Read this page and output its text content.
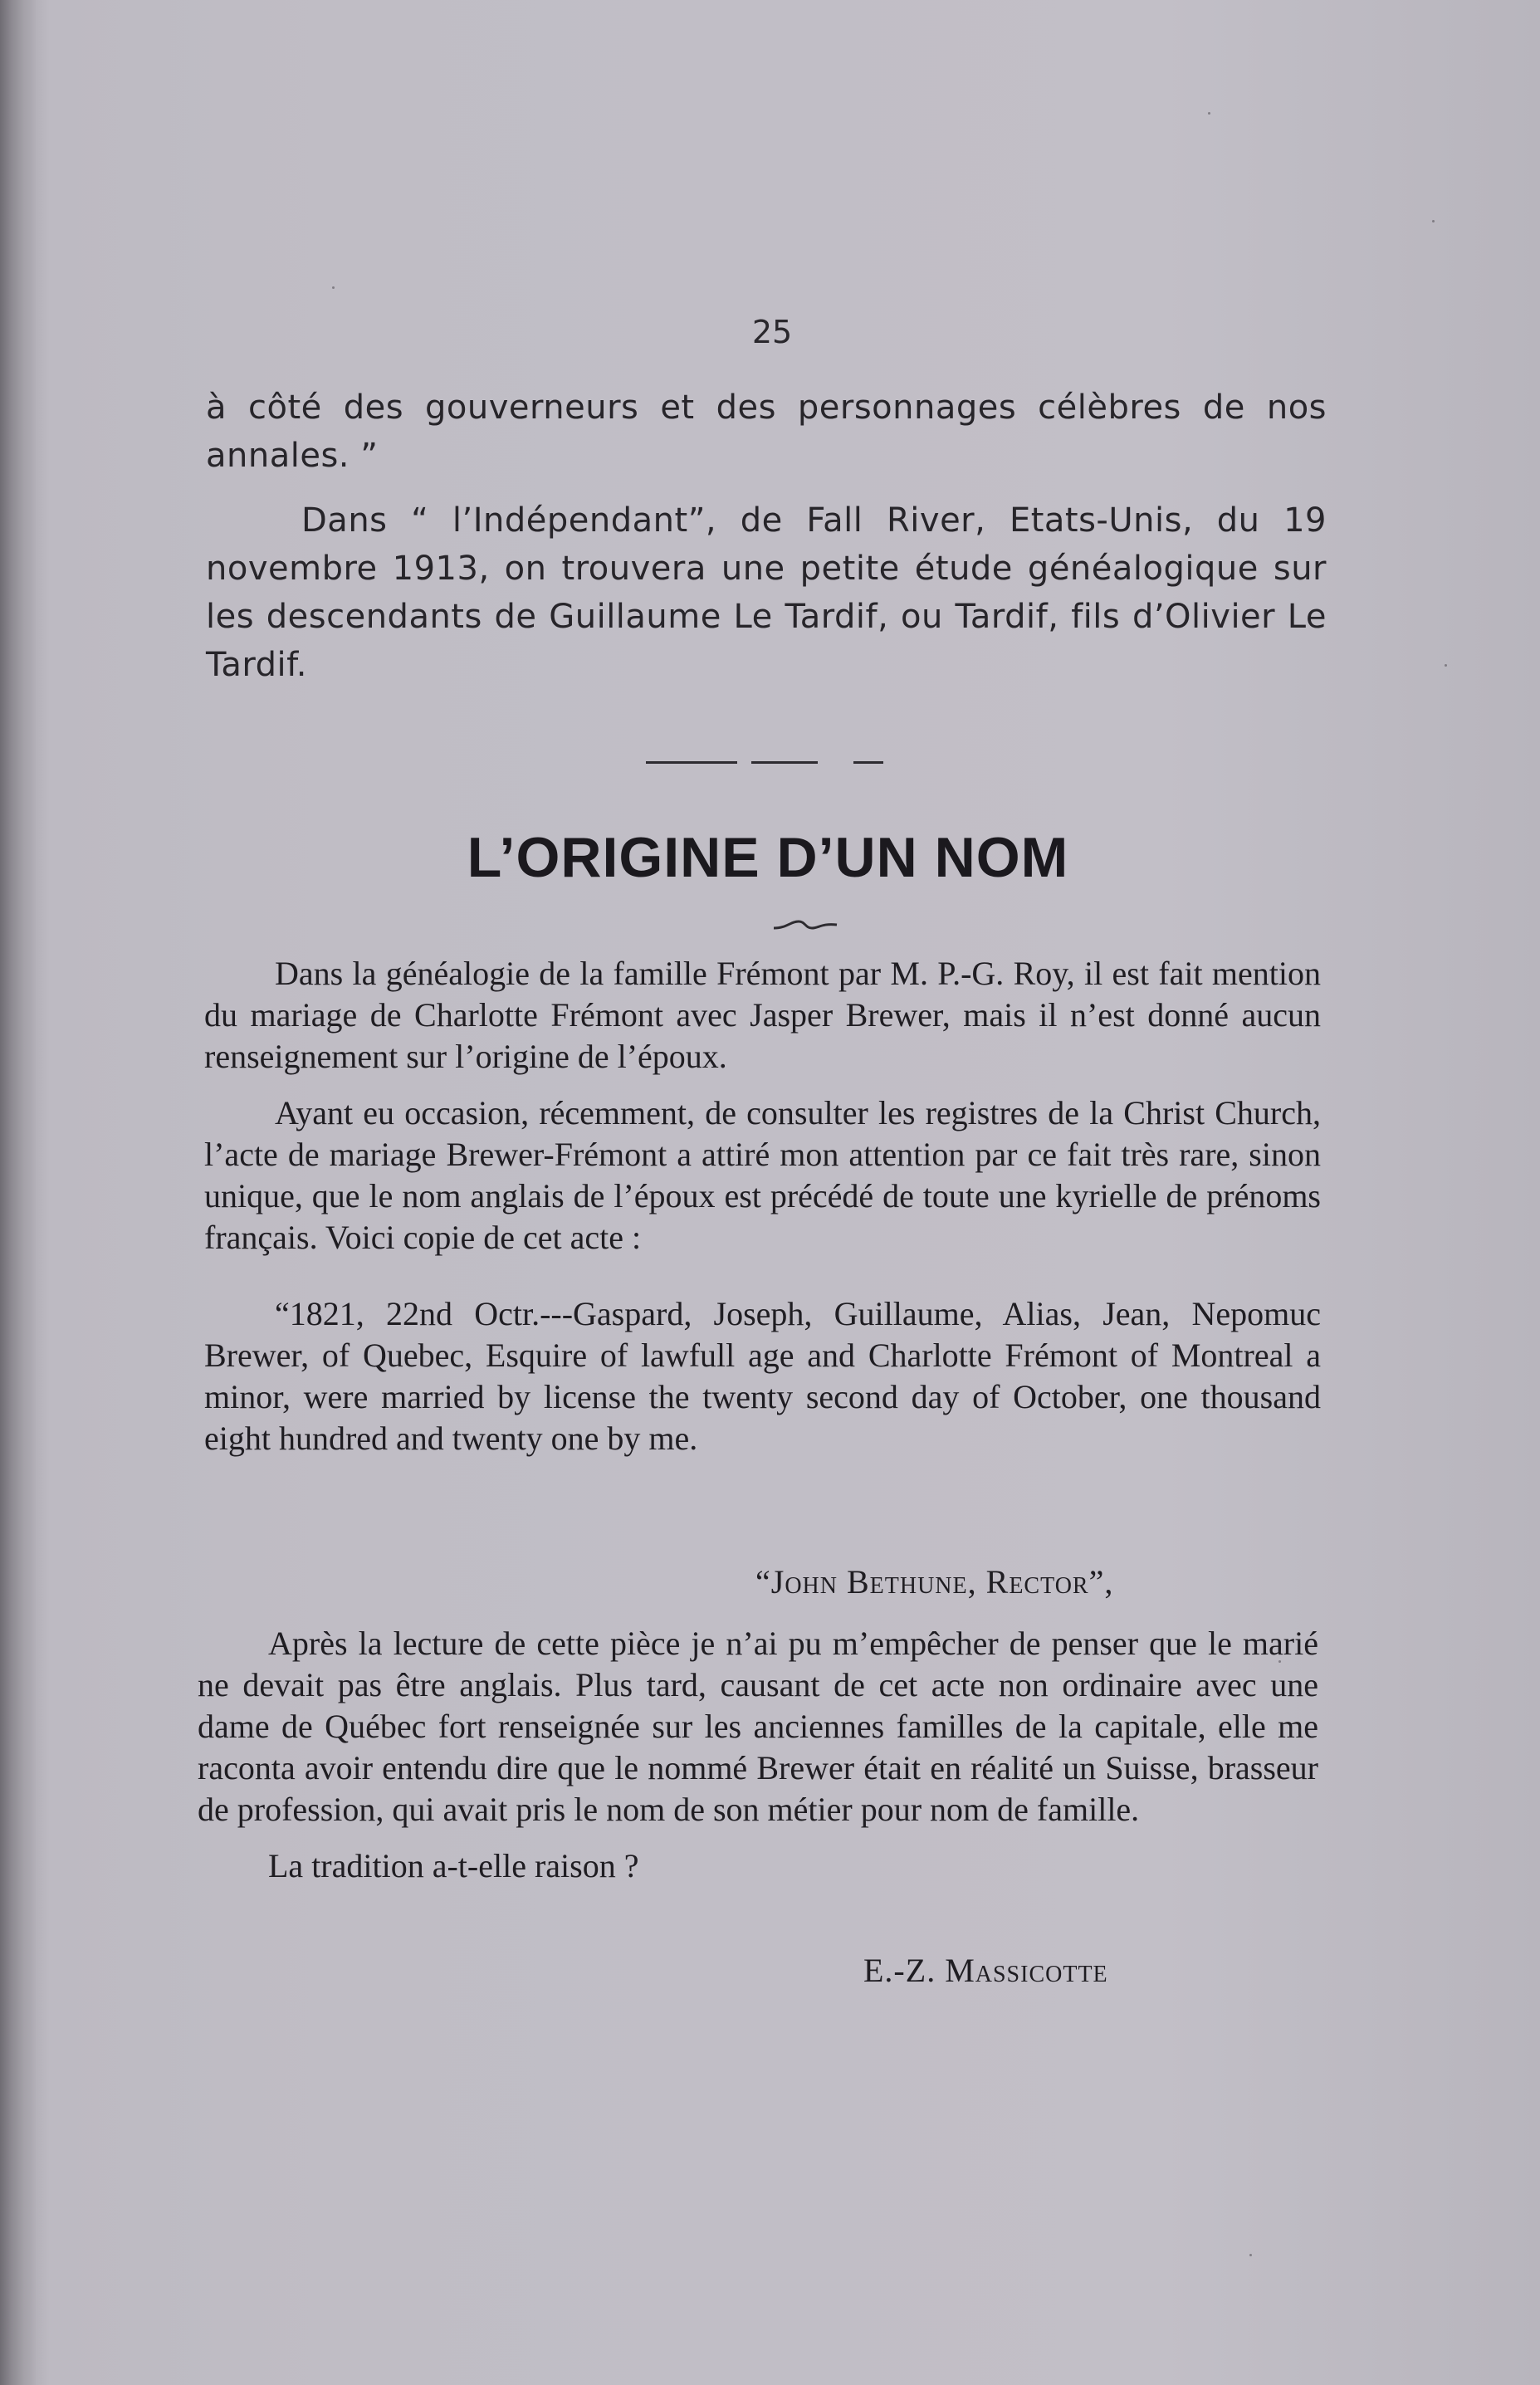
25

à côté des gouverneurs et des personnages célèbres de nos annales. ”

Dans “ l’Indépendant”, de Fall River, Etats-Unis, du 19 novembre 1913, on trouvera une petite étude généalogique sur les descendants de Guillaume Le Tardif, ou Tardif, fils d’Olivier Le Tardif.

L’ORIGINE D’UN NOM

Dans la généalogie de la famille Frémont par M. P.-G. Roy, il est fait mention du mariage de Charlotte Frémont avec Jasper Brewer, mais il n’est donné aucun renseignement sur l’origine de l’époux.

Ayant eu occasion, récemment, de consulter les registres de la Christ Church, l’acte de mariage Brewer-Frémont a attiré mon attention par ce fait très rare, sinon unique, que le nom anglais de l’époux est précédé de toute une kyrielle de prénoms français. Voici copie de cet acte :

“1821, 22nd Octr.---Gaspard, Joseph, Guillaume, Alias, Jean, Nepomuc Brewer, of Quebec, Esquire of lawfull age and Charlotte Frémont of Montreal a minor, were married by license the twenty second day of October, one thousand eight hundred and twenty one by me.

“John Bethune, Rector”,

Après la lecture de cette pièce je n’ai pu m’empêcher de penser que le marié ne devait pas être anglais. Plus tard, causant de cet acte non ordinaire avec une dame de Québec fort renseignée sur les anciennes familles de la capitale, elle me raconta avoir entendu dire que le nommé Brewer était en réalité un Suisse, brasseur de profession, qui avait pris le nom de son métier pour nom de famille.

La tradition a-t-elle raison ?

E.-Z. Massicotte
